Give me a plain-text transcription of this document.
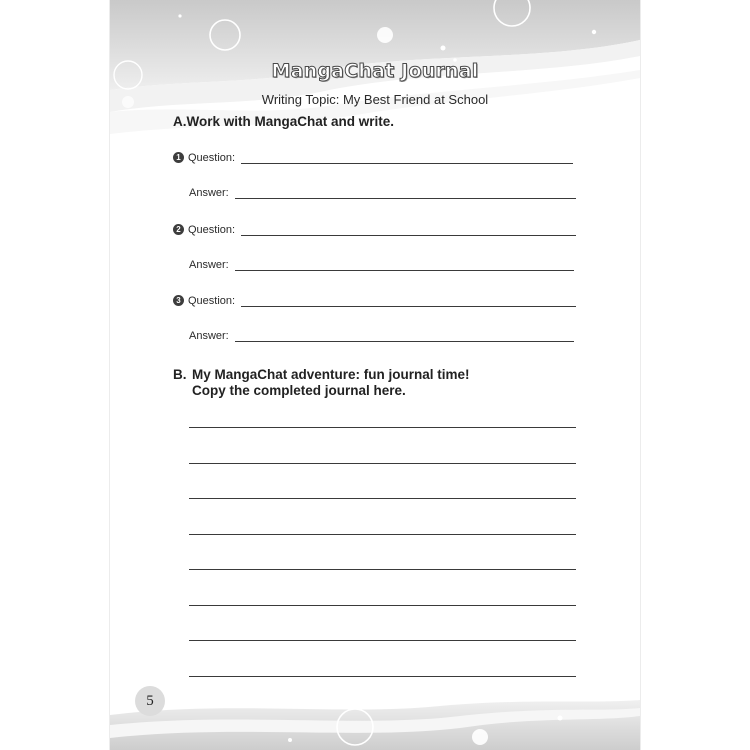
MangaChat Journal
Writing Topic: My Best Friend at School
A.Work with MangaChat and write.
1 Question:
Answer:
2 Question:
Answer:
3 Question:
Answer:
B. My MangaChat adventure: fun journal time!
Copy the completed journal here.
5
